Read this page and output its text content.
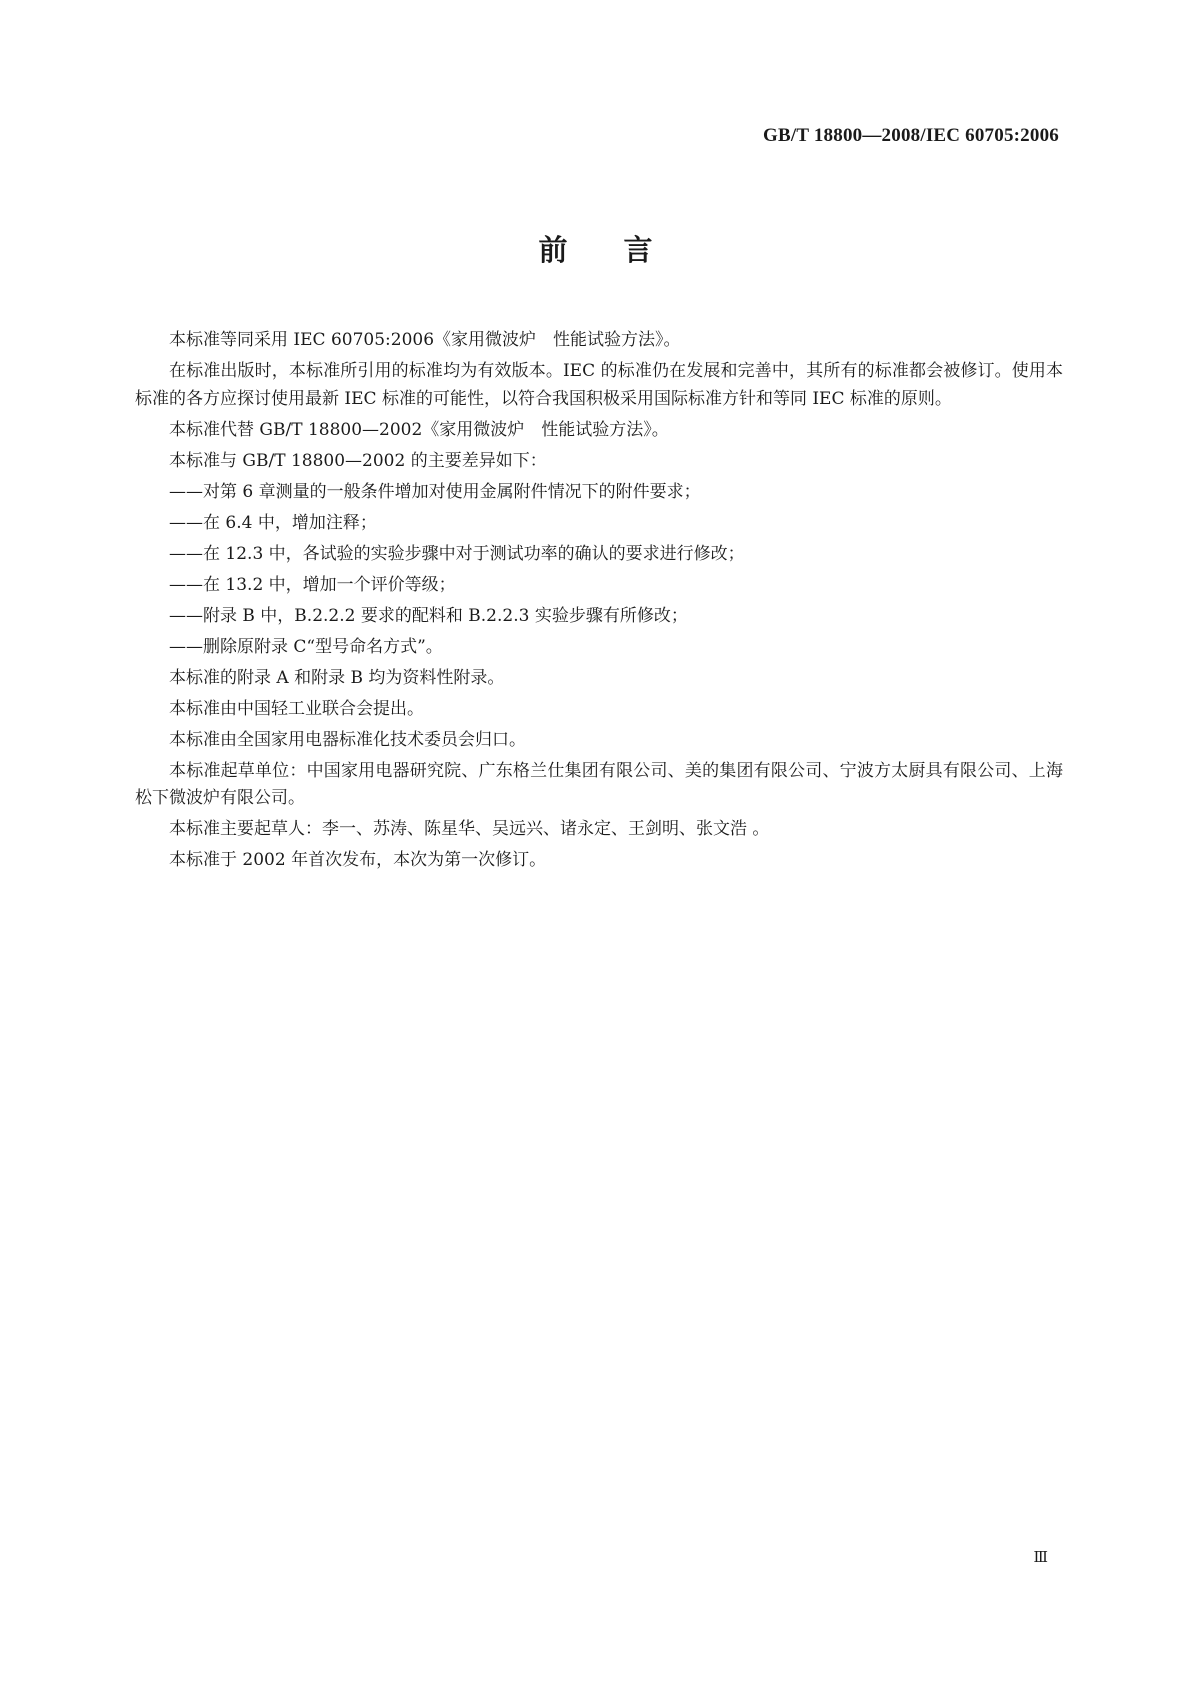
GB/T 18800—2008/IEC 60705:2006
前言

本标准等同采用 IEC 60705:2006《家用微波炉　性能试验方法》。

在标准出版时，本标准所引用的标准均为有效版本。IEC 的标准仍在发展和完善中，其所有的标准都会被修订。使用本标准的各方应探讨使用最新 IEC 标准的可能性，以符合我国积极采用国际标准方针和等同 IEC 标准的原则。

本标准代替 GB/T 18800—2002《家用微波炉　性能试验方法》。

本标准与 GB/T 18800—2002 的主要差异如下：

——对第 6 章测量的一般条件增加对使用金属附件情况下的附件要求；

——在 6.4 中，增加注释；

——在 12.3 中，各试验的实验步骤中对于测试功率的确认的要求进行修改；

——在 13.2 中，增加一个评价等级；

——附录 B 中，B.2.2.2 要求的配料和 B.2.2.3 实验步骤有所修改；

——删除原附录 C“型号命名方式”。

本标准的附录 A 和附录 B 均为资料性附录。

本标准由中国轻工业联合会提出。

本标准由全国家用电器标准化技术委员会归口。

本标准起草单位：中国家用电器研究院、广东格兰仕集团有限公司、美的集团有限公司、宁波方太厨具有限公司、上海松下微波炉有限公司。

本标准主要起草人：李一、苏涛、陈星华、吴远兴、诸永定、王剑明、张文浩 。

本标准于 2002 年首次发布，本次为第一次修订。

Ⅲ
